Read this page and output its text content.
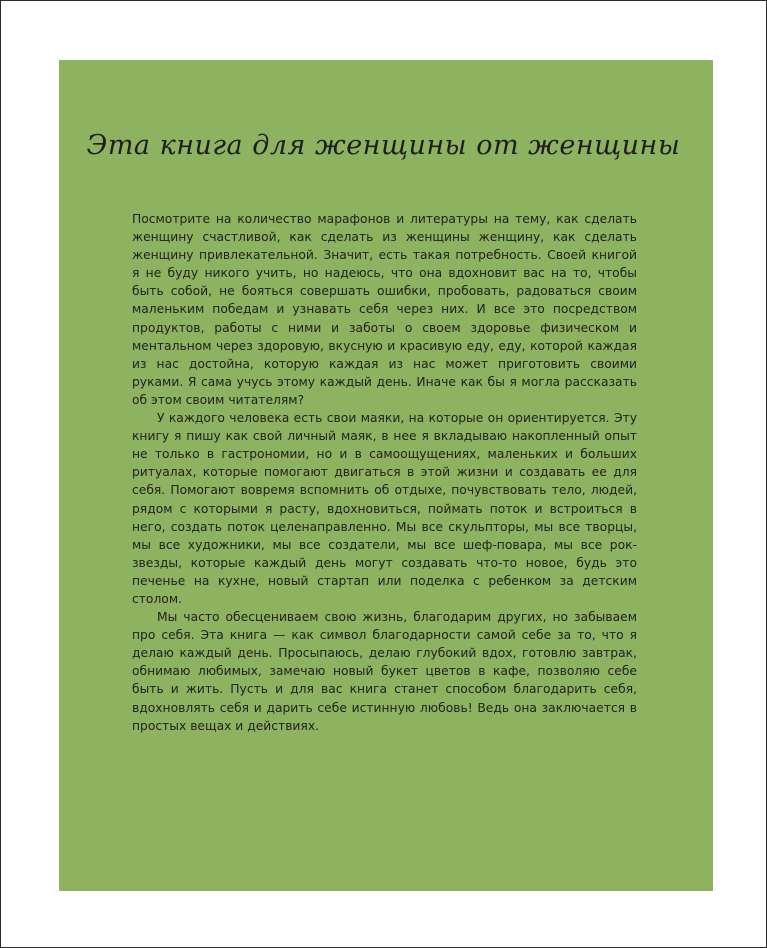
Эта книга для женщины от женщины

Посмотрите на количество марафонов и литературы на тему, как сделать женщину счастливой, как сделать из женщины женщину, как сделать женщину привлекательной. Значит, есть такая потребность. Своей книгой я не буду никого учить, но надеюсь, что она вдохновит вас на то, чтобы быть собой, не бояться совершать ошибки, пробовать, радоваться своим маленьким победам и узнавать себя через них. И все это посредством продуктов, работы с ними и заботы о своем здоровье физическом и ментальном через здоровую, вкусную и красивую еду, еду, которой каждая из нас достойна, которую каждая из нас может приготовить своими руками. Я сама учусь этому каждый день. Иначе как бы я могла рассказать об этом своим читателям?

У каждого человека есть свои маяки, на которые он ориентируется. Эту книгу я пишу как свой личный маяк, в нее я вкладываю накопленный опыт не только в гастрономии, но и в самоощущениях, маленьких и больших ритуалах, которые помогают двигаться в этой жизни и создавать ее для себя. Помогают вовремя вспомнить об отдыхе, почувствовать тело, людей, рядом с которыми я расту, вдохновиться, поймать поток и встроиться в него, создать поток целенаправленно. Мы все скульпторы, мы все творцы, мы все художники, мы все создатели, мы все шеф-повара, мы все рок-звезды, которые каждый день могут создавать что-то новое, будь это печенье на кухне, новый стартап или поделка с ребенком за детским столом.

Мы часто обесцениваем свою жизнь, благодарим других, но забываем про себя. Эта книга — как символ благодарности самой себе за то, что я делаю каждый день. Просыпаюсь, делаю глубокий вдох, готовлю завтрак, обнимаю любимых, замечаю новый букет цветов в кафе, позволяю себе быть и жить. Пусть и для вас книга станет способом благодарить себя, вдохновлять себя и дарить себе истинную любовь! Ведь она заключается в простых вещах и действиях.
